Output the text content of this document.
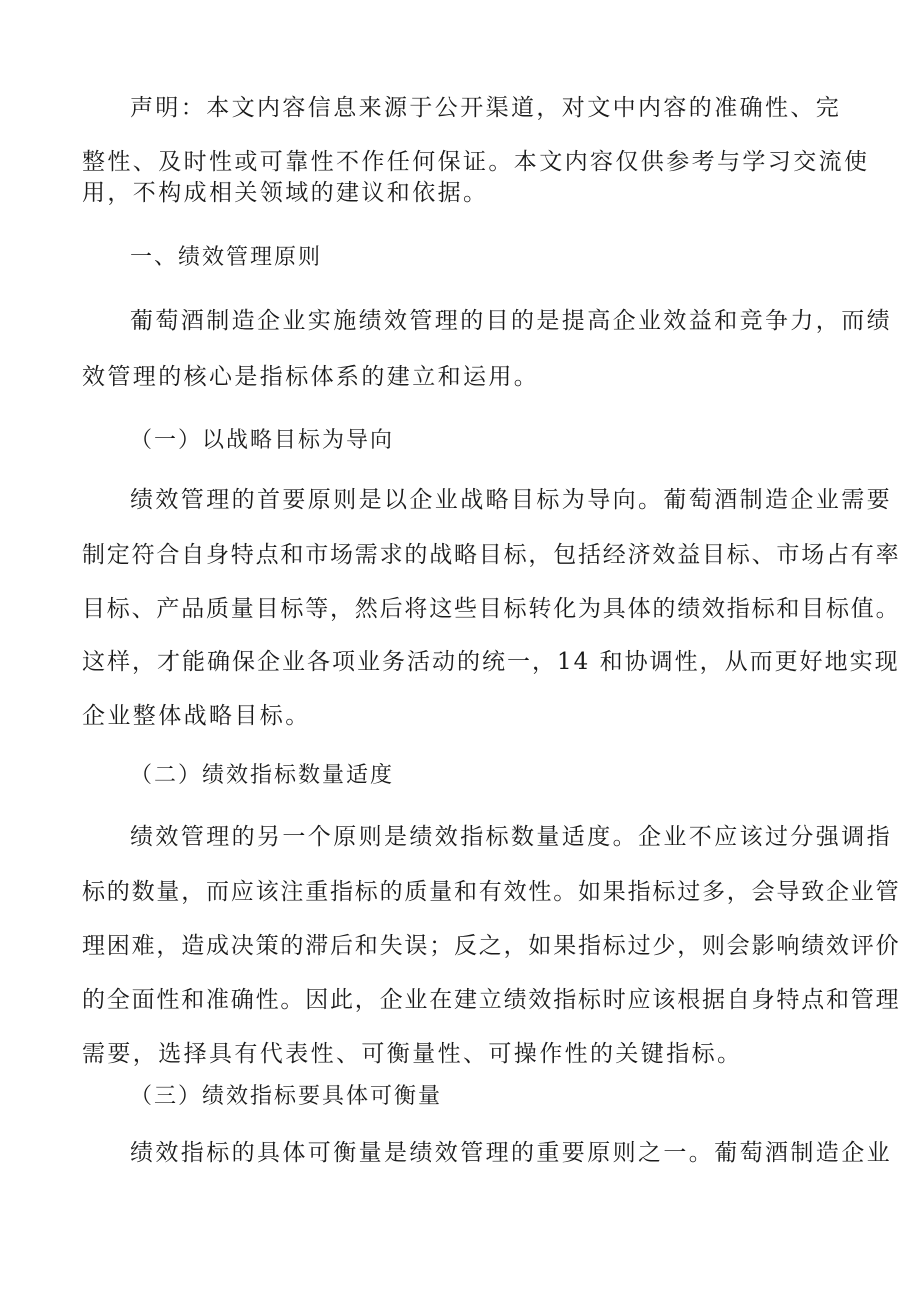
声明：本文内容信息来源于公开渠道，对文中内容的准确性、完
整性、及时性或可靠性不作任何保证。本文内容仅供参考与学习交流使
用，不构成相关领域的建议和依据。
一、绩效管理原则
葡萄酒制造企业实施绩效管理的目的是提高企业效益和竞争力，而绩
效管理的核心是指标体系的建立和运用。
（一）以战略目标为导向
绩效管理的首要原则是以企业战略目标为导向。葡萄酒制造企业需要
制定符合自身特点和市场需求的战略目标，包括经济效益目标、市场占有率
目标、产品质量目标等，然后将这些目标转化为具体的绩效指标和目标值。
这样，才能确保企业各项业务活动的统一，14 和协调性，从而更好地实现
企业整体战略目标。
（二）绩效指标数量适度
绩效管理的另一个原则是绩效指标数量适度。企业不应该过分强调指
标的数量，而应该注重指标的质量和有效性。如果指标过多，会导致企业管
理困难，造成决策的滞后和失误；反之，如果指标过少，则会影响绩效评价
的全面性和准确性。因此，企业在建立绩效指标时应该根据自身特点和管理
需要，选择具有代表性、可衡量性、可操作性的关键指标。
（三）绩效指标要具体可衡量
绩效指标的具体可衡量是绩效管理的重要原则之一。葡萄酒制造企业
